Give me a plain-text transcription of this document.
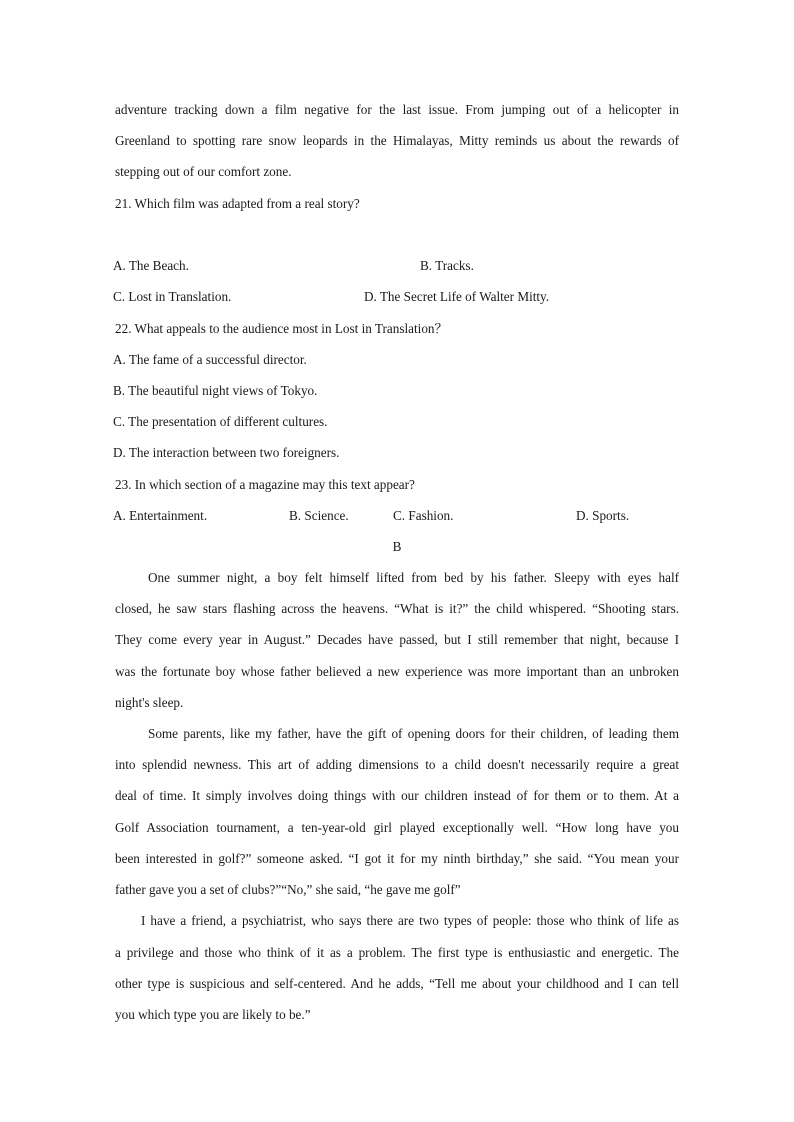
adventure tracking down a film negative for the last issue. From jumping out of a helicopter in
Greenland to spotting rare snow leopards in the Himalayas, Mitty reminds us about the rewards of
stepping out of our comfort zone.
21. Which film was adapted from a real story?
A. The Beach.	B. Tracks.
C. Lost in Translation.	D. The Secret Life of Walter Mitty.
22. What appeals to the audience most in Lost in Translation？
A. The fame of a successful director.
B. The beautiful night views of Tokyo.
C. The presentation of different cultures.
D. The interaction between two foreigners.
23. In which section of a magazine may this text appear?
A. Entertainment.	B. Science.	C. Fashion.	D. Sports.
B
One summer night, a boy felt himself lifted from bed by his father. Sleepy with eyes half
closed, he saw stars flashing across the heavens. “What is it?” the child whispered. “Shooting stars.
They come every year in August.” Decades have passed, but I still remember that night, because I
was the fortunate boy whose father believed a new experience was more important than an unbroken
night's sleep.
Some parents, like my father, have the gift of opening doors for their children, of leading them
into splendid newness. This art of adding dimensions to a child doesn't necessarily require a great
deal of time. It simply involves doing things with our children instead of for them or to them. At a
Golf Association tournament, a ten-year-old girl played exceptionally well. “How long have you
been interested in golf?” someone asked. “I got it for my ninth birthday,” she said. “You mean your
father gave you a set of clubs?”“No,” she said, “he gave me golf”
I have a friend, a psychiatrist, who says there are two types of people: those who think of life as
a privilege and those who think of it as a problem. The first type is enthusiastic and energetic. The
other type is suspicious and self-centered. And he adds, “Tell me about your childhood and I can tell
you which type you are likely to be.”
